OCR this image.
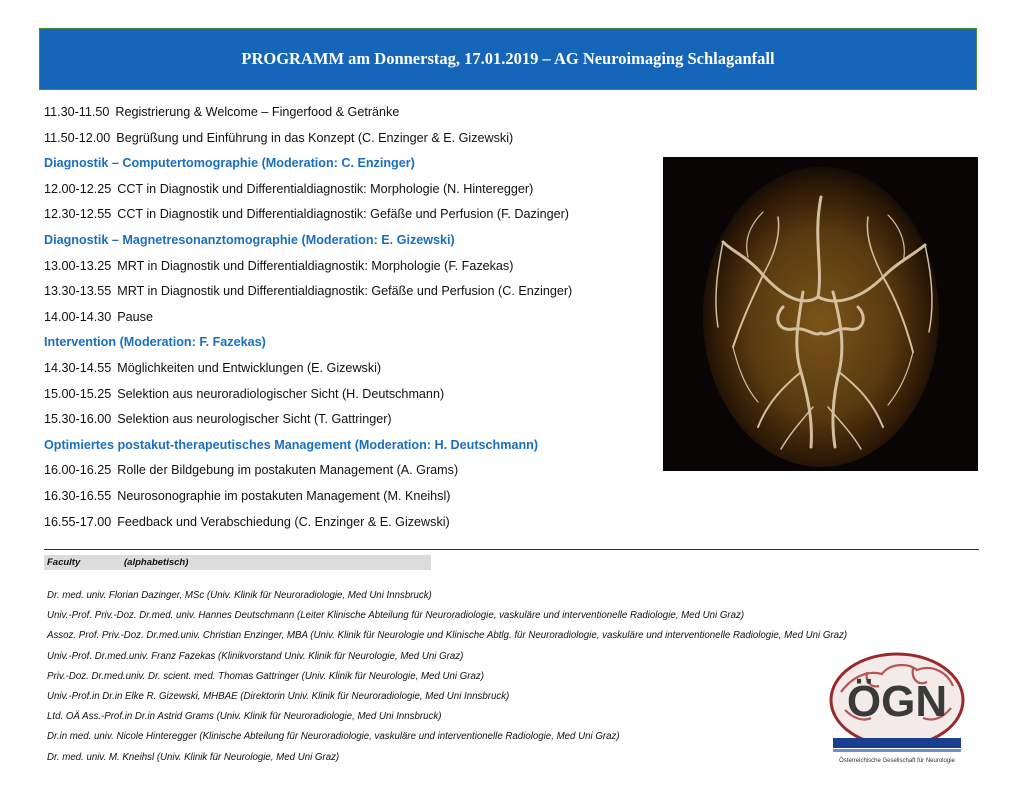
PROGRAMM am Donnerstag, 17.01.2019 – AG Neuroimaging Schlaganfall
11.30-11.50 Registrierung & Welcome – Fingerfood & Getränke
11.50-12.00 Begrüßung und Einführung in das Konzept (C. Enzinger & E. Gizewski)
Diagnostik – Computertomographie (Moderation: C. Enzinger)
12.00-12.25 CCT in Diagnostik und Differentialdiagnostik: Morphologie (N. Hinteregger)
12.30-12.55 CCT in Diagnostik und Differentialdiagnostik: Gefäße und Perfusion (F. Dazinger)
Diagnostik – Magnetresonanztomographie (Moderation: E. Gizewski)
13.00-13.25 MRT in Diagnostik und Differentialdiagnostik: Morphologie (F. Fazekas)
13.30-13.55 MRT in Diagnostik und Differentialdiagnostik: Gefäße und Perfusion (C. Enzinger)
14.00-14.30 Pause
Intervention (Moderation: F. Fazekas)
14.30-14.55 Möglichkeiten und Entwicklungen (E. Gizewski)
15.00-15.25 Selektion aus neuroradiologischer Sicht (H. Deutschmann)
15.30-16.00 Selektion aus neurologischer Sicht (T. Gattringer)
Optimiertes postakut-therapeutisches Management (Moderation: H. Deutschmann)
16.00-16.25 Rolle der Bildgebung im postakuten Management (A. Grams)
16.30-16.55 Neurosonographie im postakuten Management (M. Kneihsl)
16.55-17.00 Feedback und Verabschiedung (C. Enzinger & E. Gizewski)
Faculty	(alphabetisch)
Dr. med. univ. Florian Dazinger, MSc (Univ. Klinik für Neuroradiologie, Med Uni Innsbruck)
Univ.-Prof. Priv.-Doz. Dr.med. univ. Hannes Deutschmann (Leiter Klinische Abteilung für Neuroradiologie, vaskuläre und interventionelle Radiologie, Med Uni Graz)
Assoz. Prof. Priv.-Doz. Dr.med.univ. Christian Enzinger, MBA (Univ. Klinik für Neurologie und Klinische Abtlg. für Neuroradiologie, vaskuläre und interventionelle Radiologie, Med Uni Graz)
Univ.-Prof. Dr.med.univ. Franz Fazekas (Klinikvorstand Univ. Klinik für Neurologie, Med Uni Graz)
Priv.-Doz. Dr.med.univ. Dr. scient. med. Thomas Gattringer (Univ. Klinik für Neurologie, Med Uni Graz)
Univ.-Prof.in Dr.in Elke R. Gizewski, MHBAE (Direktorin Univ. Klinik für Neuroradiologie, Med Uni Innsbruck)
Ltd. OÄ Ass.-Prof.in Dr.in Astrid Grams (Univ. Klinik für Neuroradiologie, Med Uni Innsbruck)
Dr.in med. univ. Nicole Hinteregger (Klinische Abteilung für Neuroradiologie, vaskuläre und interventionelle Radiologie, Med Uni Graz)
Dr. med. univ. M. Kneihsl (Univ. Klinik für Neurologie, Med Uni Graz)
ÖGN
Österreichische Gesellschaft für Neurologie
